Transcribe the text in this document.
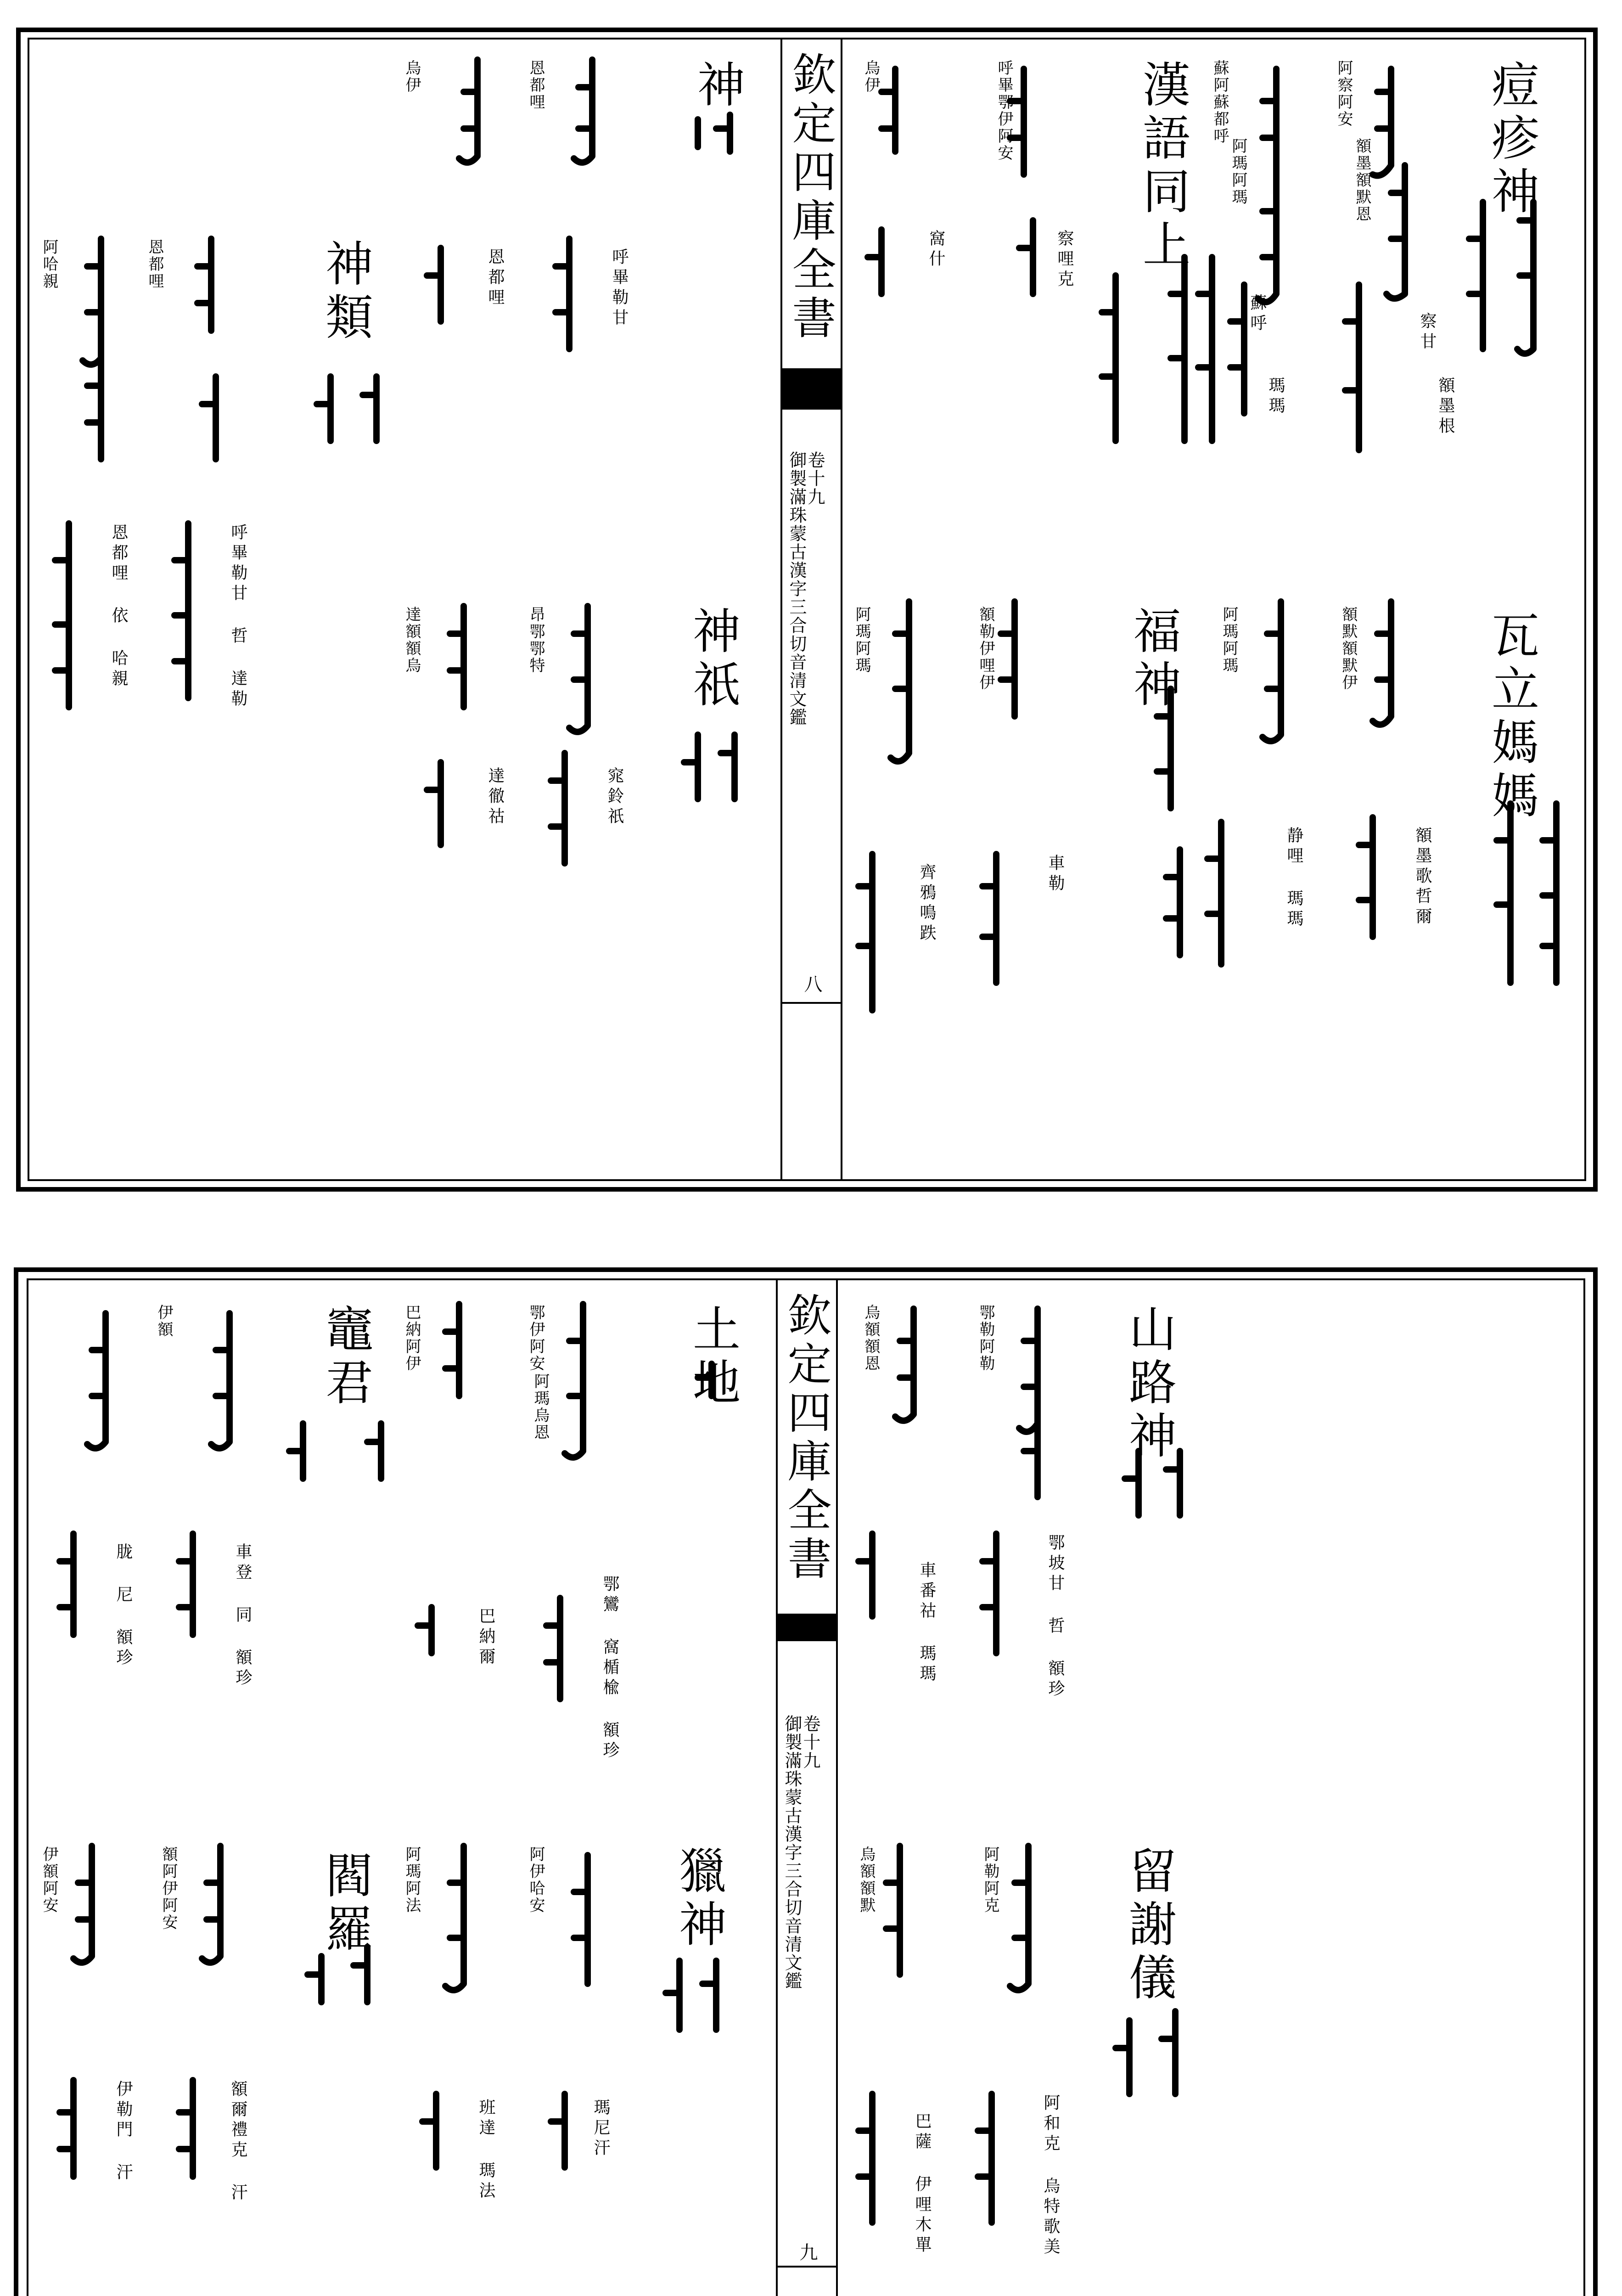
欽定四庫全書
卷十九
御製滿珠蒙古漢字三合切音清文鑑
八
痘疹神
阿察阿安
額墨額默恩
察甘
額墨根
漢語同上 蘇阿蘇都呼
阿瑪阿瑪
蘇呼
瑪瑪
瓦立媽媽
額默額默伊
阿瑪阿瑪
額墨歌哲爾
静哩 瑪瑪
福神
額勒伊哩伊
阿瑪阿瑪
車勒
齊鴉鳴跌
呼畢鄂伊阿安
烏伊
察哩克
窩什
神
恩都哩
烏伊
神類	呼畢勒甘
恩都哩
神祇
昂鄂鄂特
達額額烏
窕鈴祇
達徹祜
恩都哩
阿哈親
呼畢勒甘 哲 達勒
恩都哩 依 哈親
欽定四庫全書
卷十九
御製滿珠蒙古漢字三合切音清文鑑
九
山路神
鄂勒阿勒
烏額額恩
鄂坡甘 哲 額珍
車番祜 瑪瑪
留謝儀
阿勒阿克
烏額額默
阿和克 烏特歌美
巴薩 伊哩木單
土地
鄂伊阿安
阿瑪烏恩
鄂鸞 窩楯楡 額珍
巴納爾
竈君 巴納阿伊
伊額
車登 同 額珍
胧 尼 額珍
獵神
阿伊哈安
阿瑪阿法
瑪尼汗
班達 瑪法
閻羅
額阿伊阿安
伊額阿安
額爾禮克 汗
伊勒門 汗
